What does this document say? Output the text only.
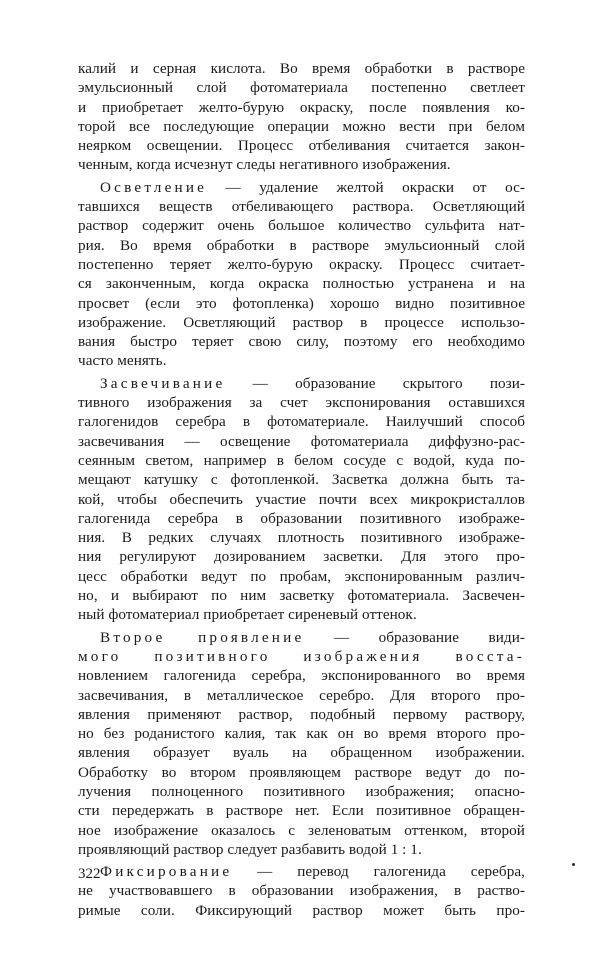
калий и серная кислота. Во время обработки в растворе
эмульсионный слой фотоматериала постепенно светлеет
и приобретает желто-бурую окраску, после появления ко-
торой все последующие операции можно вести при белом
неярком освещении. Процесс отбеливания считается закон-
ченным, когда исчезнут следы негативного изображения.

Осветление — удаление желтой окраски от ос-
тавшихся веществ отбеливающего раствора. Осветляющий
раствор содержит очень большое количество сульфита нат-
рия. Во время обработки в растворе эмульсионный слой
постепенно теряет желто-бурую окраску. Процесс считает-
ся законченным, когда окраска полностью устранена и на
просвет (если это фотопленка) хорошо видно позитивное
изображение. Осветляющий раствор в процессе использо-
вания быстро теряет свою силу, поэтому его необходимо
часто менять.

Засвечивание — образование скрытого пози-
тивного изображения за счет экспонирования оставшихся
галогенидов серебра в фотоматериале. Наилучший способ
засвечивания — освещение фотоматериала диффузно-рас-
сеянным светом, например в белом сосуде с водой, куда по-
мещают катушку с фотопленкой. Засветка должна быть та-
кой, чтобы обеспечить участие почти всех микрокристаллов
галогенида серебра в образовании позитивного изображе-
ния. В редких случаях плотность позитивного изображе-
ния регулируют дозированием засветки. Для этого про-
цесс обработки ведут по пробам, экспонированным различ-
но, и выбирают по ним засветку фотоматериала. Засвечен-
ный фотоматериал приобретает сиреневый оттенок.

Второе проявление — образование види-
мого позитивного изображения восста-
новлением галогенида серебра, экспонированного во время
засвечивания, в металлическое серебро. Для второго про-
явления применяют раствор, подобный первому раствору,
но без роданистого калия, так как он во время второго про-
явления образует вуаль на обращенном изображении.
Обработку во втором проявляющем растворе ведут до по-
лучения полноценного позитивного изображения; опасно-
сти передержать в растворе нет. Если позитивное обращен-
ное изображение оказалось с зеленоватым оттенком, второй
проявляющий раствор следует разбавить водой 1 : 1.

Фиксирование — перевод галогенида серебра,
не участвовавшего в образовании изображения, в раство-
римые соли. Фиксирующий раствор может быть про-

322
